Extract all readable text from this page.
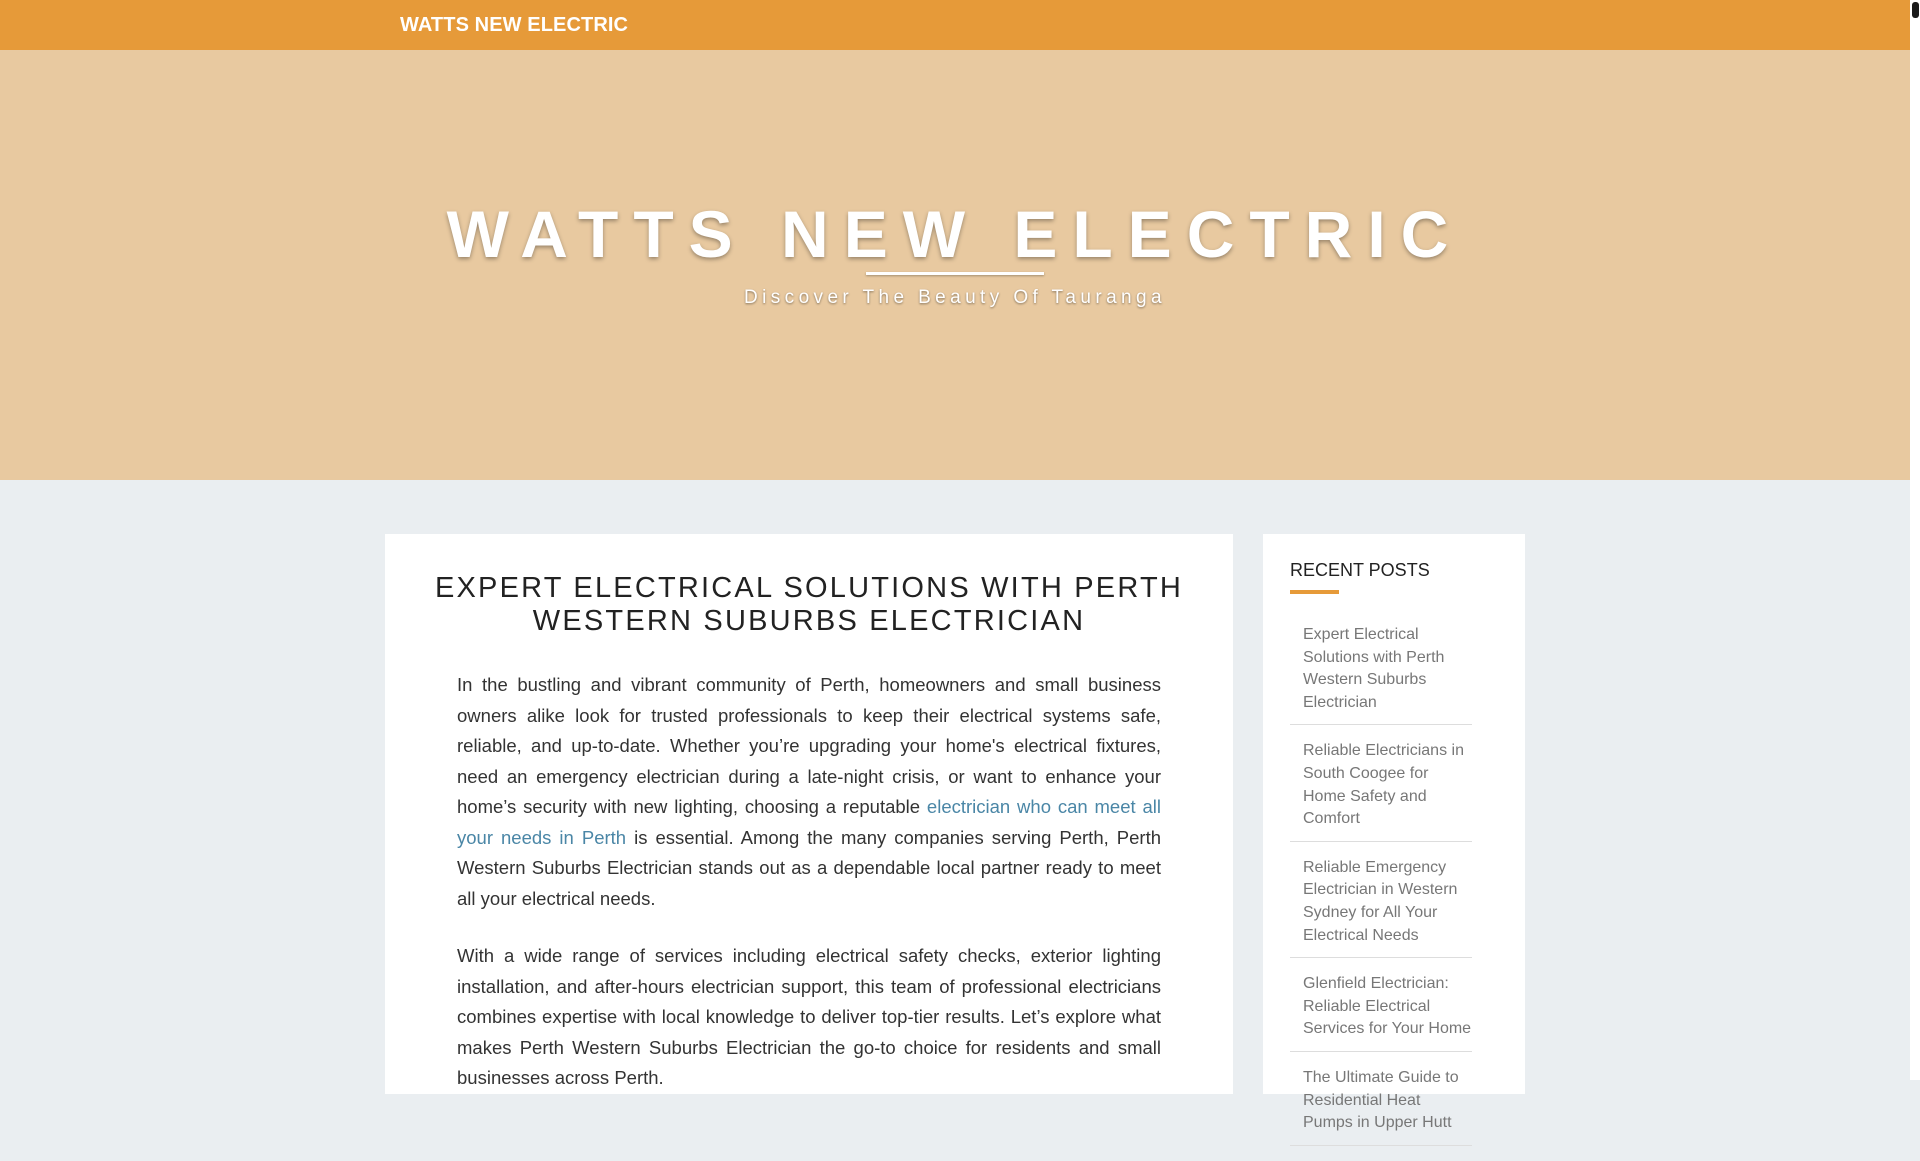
WATTS NEW ELECTRIC
WATTS NEW ELECTRIC
Discover The Beauty Of Tauranga
EXPERT ELECTRICAL SOLUTIONS WITH PERTH WESTERN SUBURBS ELECTRICIAN

In the bustling and vibrant community of Perth, homeowners and small business owners alike look for trusted professionals to keep their electrical systems safe, reliable, and up-to-date. Whether you’re upgrading your home's electrical fixtures, need an emergency electrician during a late-night crisis, or want to enhance your home’s security with new lighting, choosing a reputable electrician who can meet all your needs in Perth is essential. Among the many companies serving Perth, Perth Western Suburbs Electrician stands out as a dependable local partner ready to meet all your electrical needs.

With a wide range of services including electrical safety checks, exterior lighting installation, and after-hours electrician support, this team of professional electricians combines expertise with local knowledge to deliver top-tier results. Let’s explore what makes Perth Western Suburbs Electrician the go-to choice for residents and small businesses across Perth.

RECENT POSTS
Expert Electrical Solutions with Perth Western Suburbs Electrician
Reliable Electricians in South Coogee for Home Safety and Comfort
Reliable Emergency Electrician in Western Sydney for All Your Electrical Needs
Glenfield Electrician: Reliable Electrical Services for Your Home
The Ultimate Guide to Residential Heat Pumps in Upper Hutt
